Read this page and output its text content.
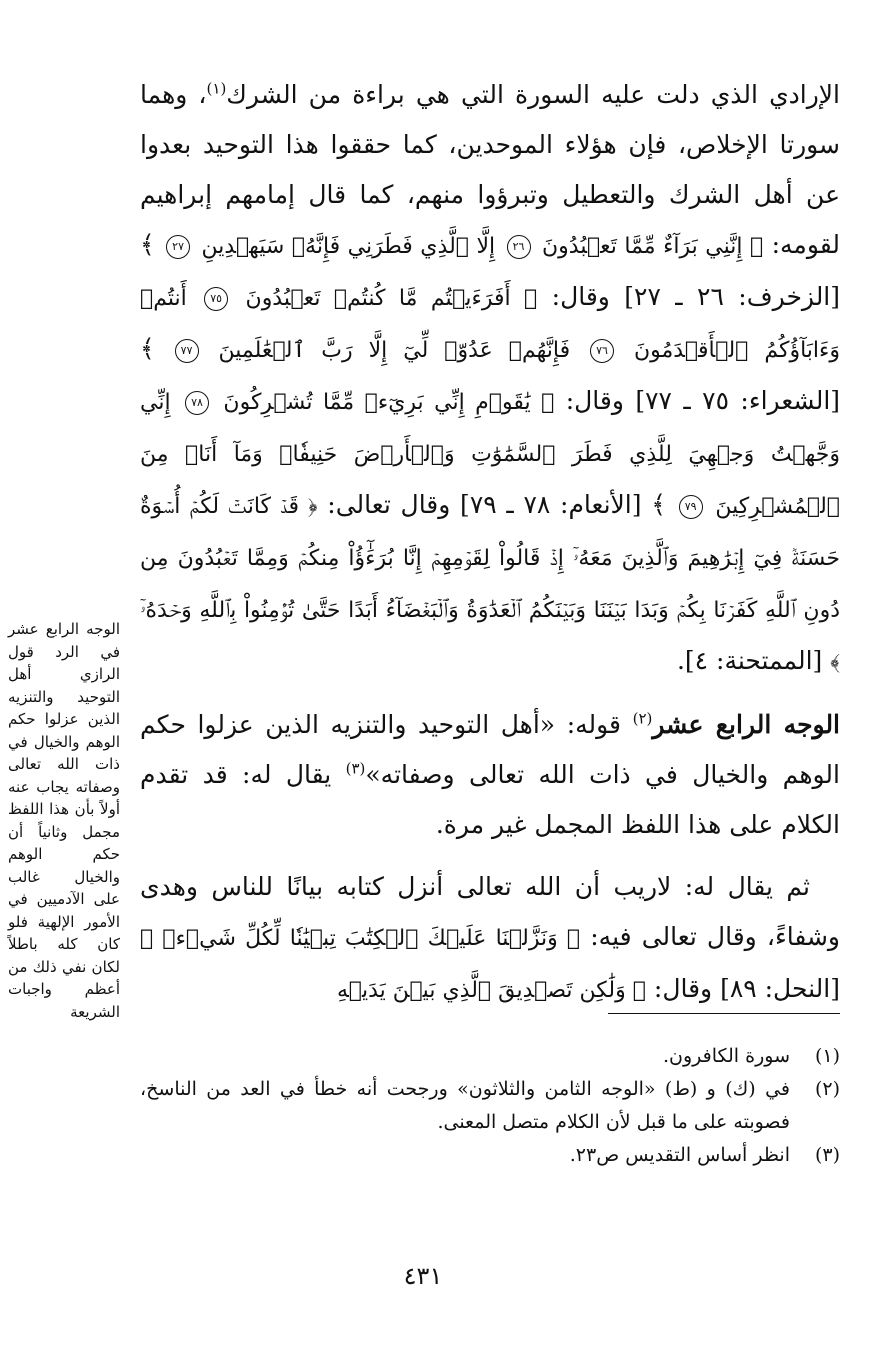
الإرادي الذي دلت عليه السورة التي هي براءة من الشرك$^{(١)}$، وهما سورتا الإخلاص، فإن هؤلاء الموحدين، كما حققوا هذا التوحيد بعدوا عن أهل الشرك والتعطيل وتبرؤوا منهم، كما قال إمامهم إبراهيم لقومه: ﴿ إِنَّنِي بَرَآءٌ مِّمَّا تَعۡبُدُونَ ٢٦ إِلَّا ٱلَّذِي فَطَرَنِي فَإِنَّهُۥ سَيَهۡدِينِ ٢٧ ﴾ [الزخرف: ٢٦ ـ ٢٧] وقال: ﴿ أَفَرَءَيۡتُم مَّا كُنتُمۡ تَعۡبُدُونَ ٧٥ أَنتُمۡ وَءَابَآؤُكُمُ ٱلۡأَقۡدَمُونَ ٧٦ فَإِنَّهُمۡ عَدُوّٞ لِّيٓ إِلَّا رَبَّ ٱلۡعَٰلَمِينَ ٧٧ ﴾ [الشعراء: ٧٥ ـ ٧٧] وقال: ﴿ يَٰقَوۡمِ إِنِّي بَرِيٓءٞ مِّمَّا تُشۡرِكُونَ ٧٨ إِنِّي وَجَّهۡتُ وَجۡهِيَ لِلَّذِي فَطَرَ ٱلسَّمَٰوَٰتِ وَٱلۡأَرۡضَ حَنِيفٗاۖ وَمَآ أَنَا۠ مِنَ ٱلۡمُشۡرِكِينَ ٧٩ ﴾ [الأنعام: ٧٨ ـ ٧٩] وقال تعالى: ﴿ قَدۡ كَانَتۡ لَكُمۡ أُسۡوَةٌ حَسَنَةٞ فِيٓ إِبۡرَٰهِيمَ وَٱلَّذِينَ مَعَهُۥٓ إِذۡ قَالُواْ لِقَوۡمِهِمۡ إِنَّا بُرَءَٰٓؤُاْ مِنكُمۡ وَمِمَّا تَعۡبُدُونَ مِن دُونِ ٱللَّهِ كَفَرۡنَا بِكُمۡ وَبَدَا بَيۡنَنَا وَبَيۡنَكُمُ ٱلۡعَدَٰوَةُ وَٱلۡبَغۡضَآءُ أَبَدًا حَتَّىٰ تُؤۡمِنُواْ بِٱللَّهِ وَحۡدَهُۥٓ ﴾ [الممتحنة: ٤].

الوجه الرابع عشر$^{(٢)}$ قوله: «أهل التوحيد والتنزيه الذين عزلوا حكم الوهم والخيال في ذات الله تعالى وصفاته»$^{(٣)}$ يقال له: قد تقدم الكلام على هذا اللفظ المجمل غير مرة.

ثم يقال له: لاريب أن الله تعالى أنزل كتابه بيانًا للناس وهدى وشفاءً، وقال تعالى فيه: ﴿ وَنَزَّلۡنَا عَلَيۡكَ ٱلۡكِتَٰبَ تِبۡيَٰنٗا لِّكُلِّ شَيۡءٖ ﴾ [النحل: ٨٩] وقال: ﴿ وَلَٰكِن تَصۡدِيقَ ٱلَّذِي بَيۡنَ يَدَيۡهِ

الوجه الرابع عشر في الرد قول الرازي أهل التوحيد والتنزيه الذين عزلوا حكم الوهم والخيال في ذات الله تعالى وصفاته يجاب عنه أولاً بأن هذا اللفظ مجمل وثانياً أن حكم الوهم والخيال غالب على الآدميين في الأمور الإلهية فلو كان كله باطلاً لكان نفي ذلك من أعظم واجبات الشريعة
(١)
سورة الكافرون.
(٢)
في (ك) و (ط) «الوجه الثامن والثلاثون» ورجحت أنه خطأ في العد من الناسخ، فصوبته على ما قبل لأن الكلام متصل المعنى.
(٣)
انظر أساس التقديس ص٢٣.
٤٣١
